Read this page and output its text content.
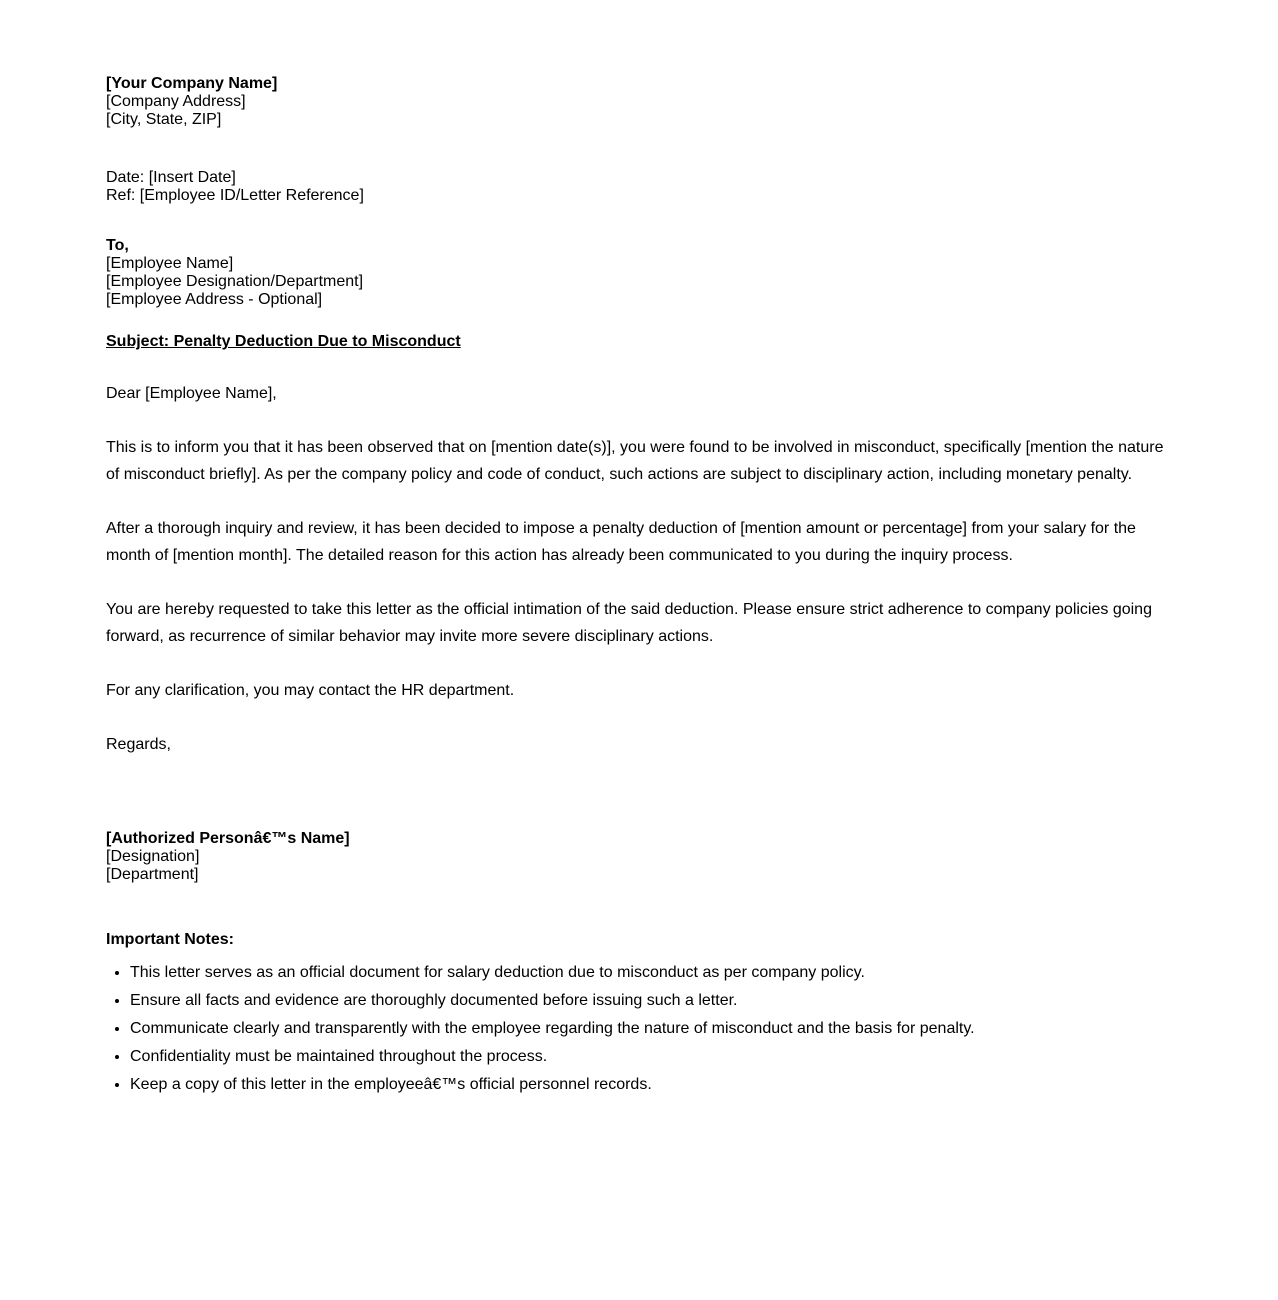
[Your Company Name]
[Company Address]
[City, State, ZIP]
Date: [Insert Date]
Ref: [Employee ID/Letter Reference]
To,
[Employee Name]
[Employee Designation/Department]
[Employee Address - Optional]
Subject: Penalty Deduction Due to Misconduct

Dear [Employee Name],

This is to inform you that it has been observed that on [mention date(s)], you were found to be involved in misconduct, specifically [mention the nature of misconduct briefly]. As per the company policy and code of conduct, such actions are subject to disciplinary action, including monetary penalty.

After a thorough inquiry and review, it has been decided to impose a penalty deduction of [mention amount or percentage] from your salary for the month of [mention month]. The detailed reason for this action has already been communicated to you during the inquiry process.

You are hereby requested to take this letter as the official intimation of the said deduction. Please ensure strict adherence to company policies going forward, as recurrence of similar behavior may invite more severe disciplinary actions.

For any clarification, you may contact the HR department.

Regards,

[Authorized Personâ€™s Name]
[Designation]
[Department]
Important Notes:
• This letter serves as an official document for salary deduction due to misconduct as per company policy.
• Ensure all facts and evidence are thoroughly documented before issuing such a letter.
• Communicate clearly and transparently with the employee regarding the nature of misconduct and the basis for penalty.
• Confidentiality must be maintained throughout the process.
• Keep a copy of this letter in the employeeâ€™s official personnel records.
